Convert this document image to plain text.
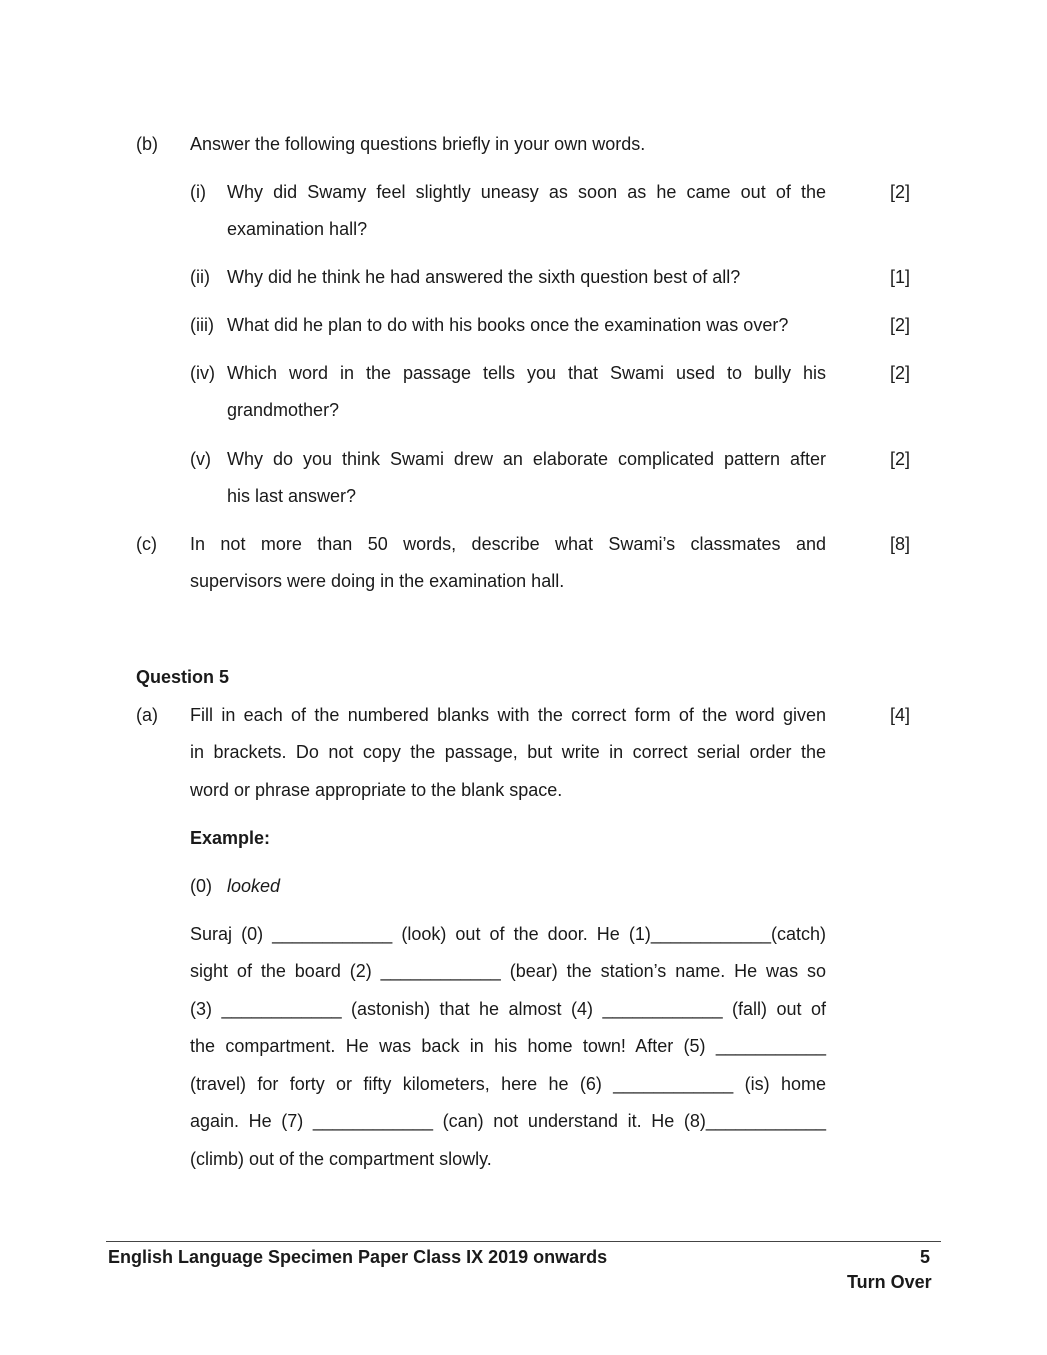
(b) Answer the following questions briefly in your own words.
(i) Why did Swamy feel slightly uneasy as soon as he came out of the
examination hall?
[2]
(ii) Why did he think he had answered the sixth question best of all?	[1]
(iii) What did he plan to do with his books once the examination was over?	[2]
(iv) Which word in the passage tells you that Swami used to bully his
grandmother?
[2]
(v) Why do you think Swami drew an elaborate complicated pattern after
his last answer?
[2]
(c) In not more than 50 words, describe what Swami’s classmates and
supervisors were doing in the examination hall.
[8]
Question 5
(a) Fill in each of the numbered blanks with the correct form of the word given
in brackets. Do not copy the passage, but write in correct serial order the
word or phrase appropriate to the blank space.
[4]
Example:
(0) looked
Suraj (0) ____________ (look) out of the door. He (1)____________(catch)
sight of the board (2) ____________ (bear) the station’s name. He was so
(3) ____________ (astonish) that he almost (4) ____________ (fall) out of
the compartment. He was back in his home town! After (5) ___________
(travel) for forty or fifty kilometers, here he (6) ____________ (is) home
again. He (7) ____________ (can) not understand it. He (8)____________
(climb) out of the compartment slowly.
English Language Specimen Paper Class IX 2019 onwards	5
Turn Over
